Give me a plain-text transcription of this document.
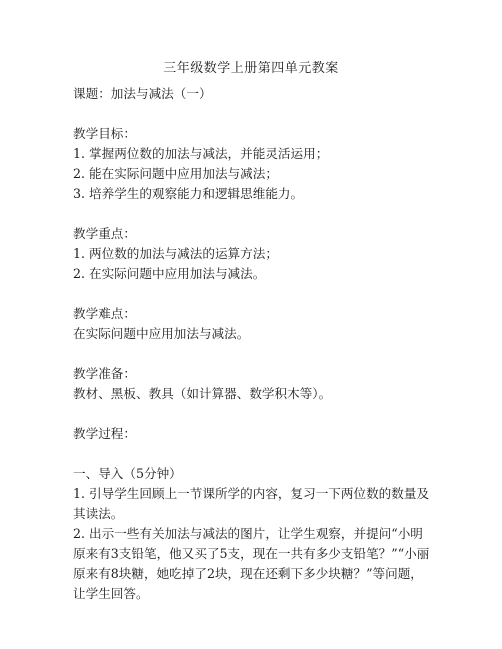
三年级数学上册第四单元教案
课题：加法与减法（一）
教学目标：
1. 掌握两位数的加法与减法，并能灵活运用；
2. 能在实际问题中应用加法与减法；
3. 培养学生的观察能力和逻辑思维能力。
教学重点：
1. 两位数的加法与减法的运算方法；
2. 在实际问题中应用加法与减法。
教学难点：
在实际问题中应用加法与减法。
教学准备：
教材、黑板、教具（如计算器、数学积木等）。
教学过程：
一、导入（5分钟）
1. 引导学生回顾上一节课所学的内容，复习一下两位数的数量及其读法。
2. 出示一些有关加法与减法的图片，让学生观察，并提问“小明原来有3支铅笔，他又买了5支，现在一共有多少支铅笔？”“小丽原来有8块糖，她吃掉了2块，现在还剩下多少块糖？”等问题，让学生回答。
